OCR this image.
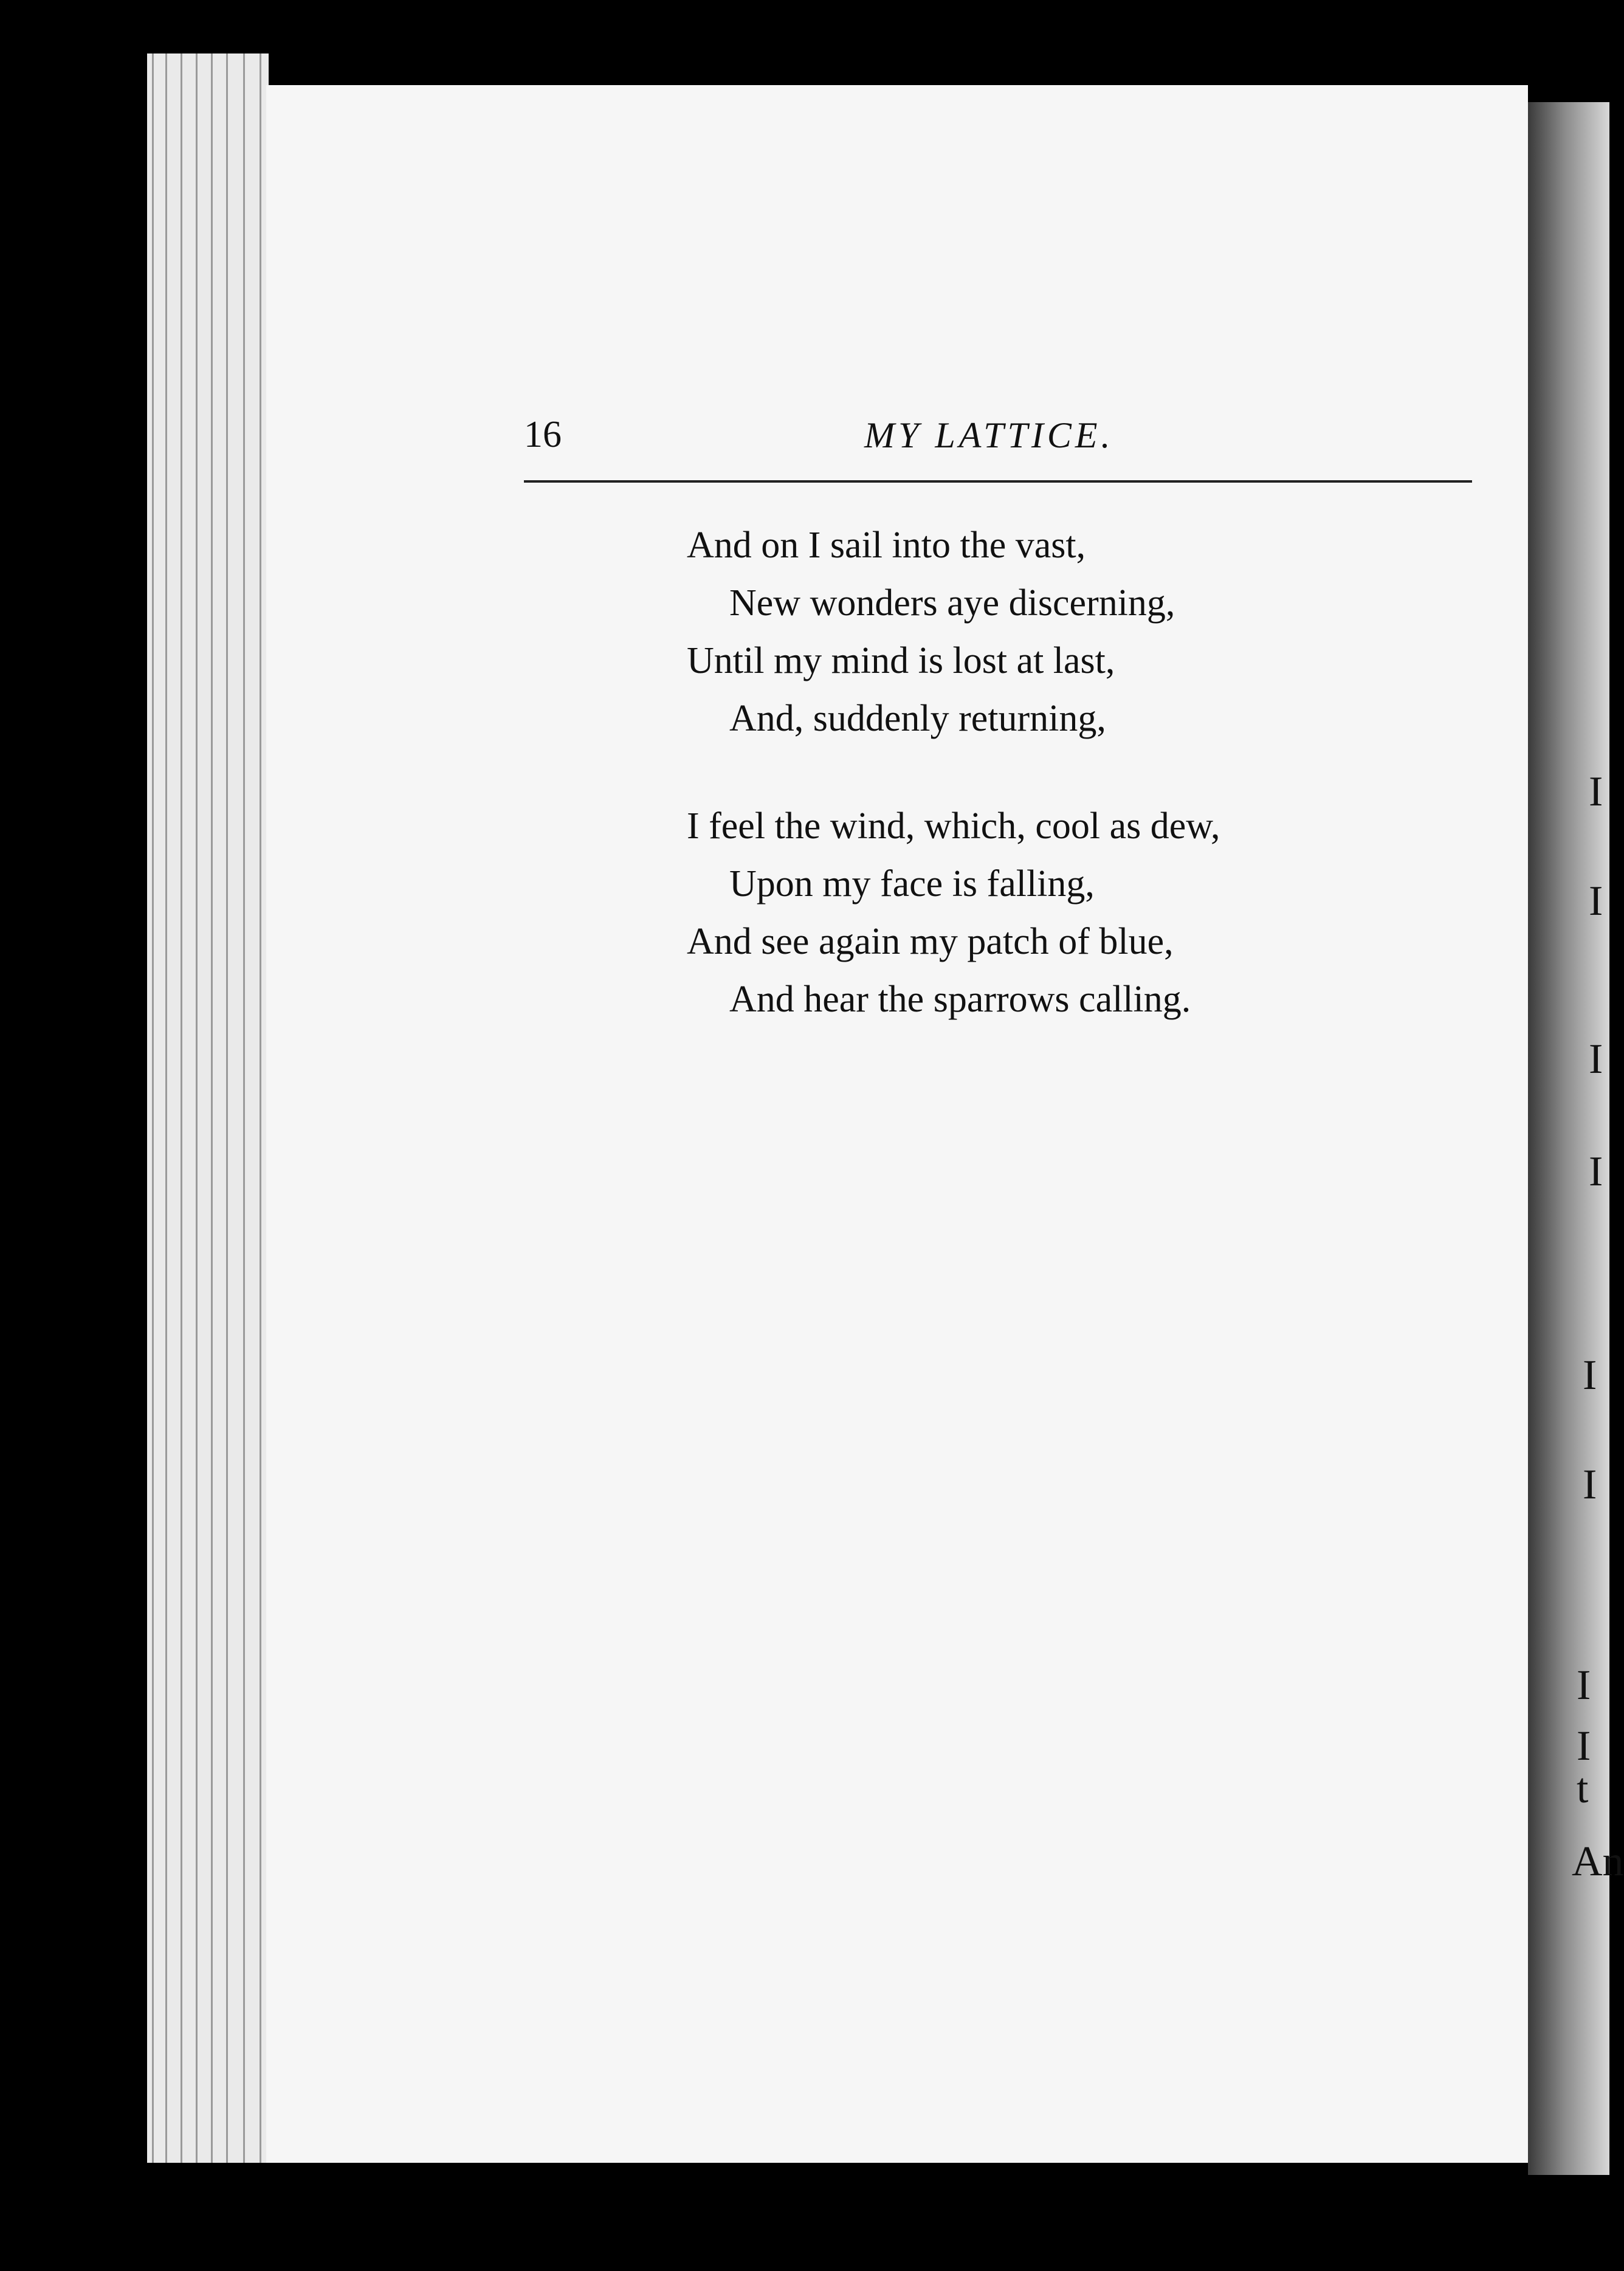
I
I
I
I
I
I
I
I t
An
16	MY LATTICE.
And on I sail into the vast,
New wonders aye discerning,
Until my mind is lost at last,
And, suddenly returning,
I feel the wind, which, cool as dew,
Upon my face is falling,
And see again my patch of blue,
And hear the sparrows calling.
